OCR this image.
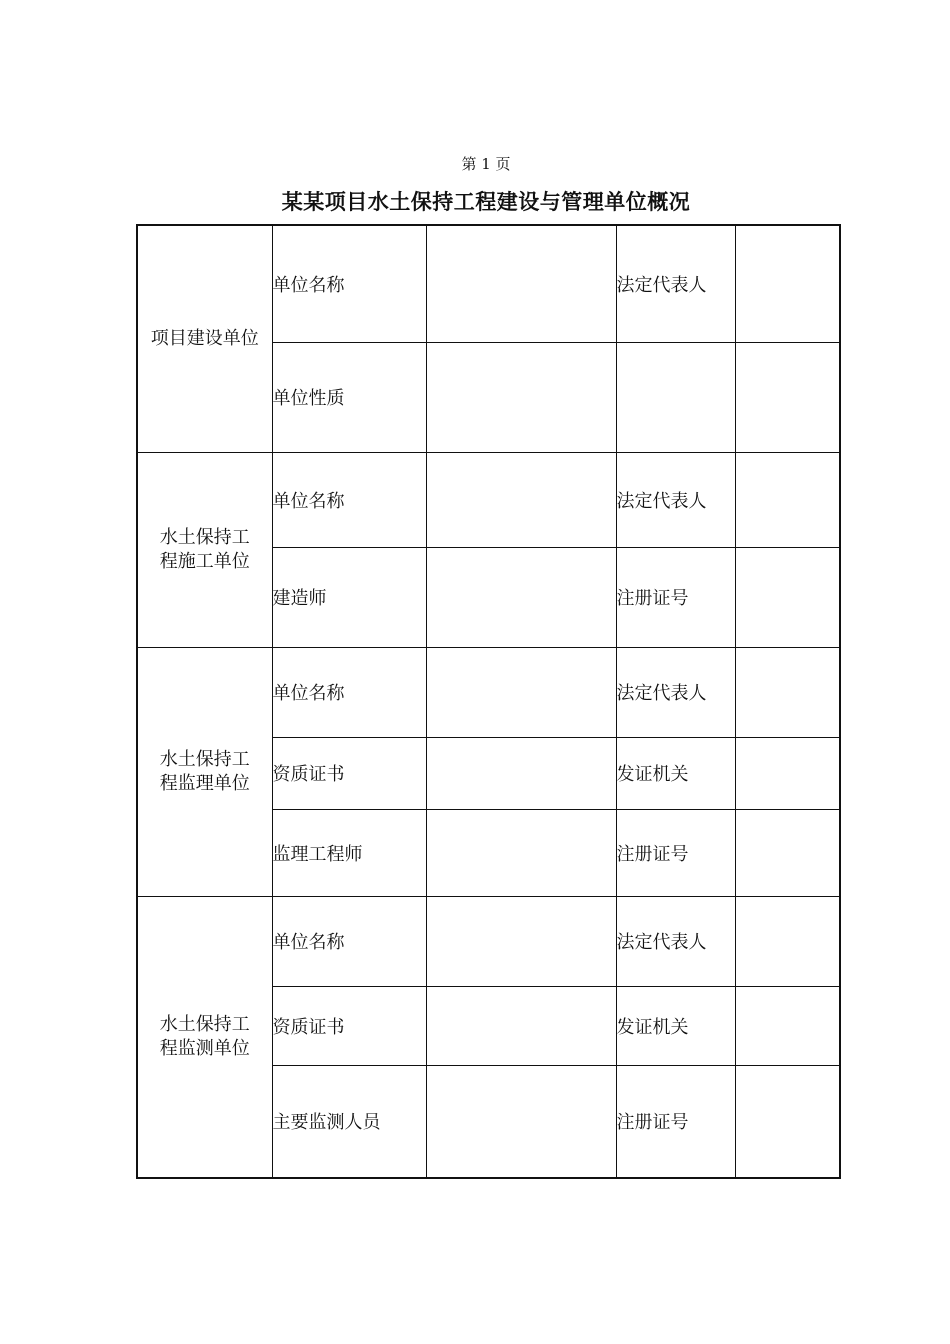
第 1 页
某某项目水土保持工程建设与管理单位概况
项目建设单位	单位名称		法定代表人	
	单位性质			
水土保持工程施工单位	单位名称		法定代表人	
	建造师		注册证号	
水土保持工程监理单位	单位名称		法定代表人	
	资质证书		发证机关	
	监理工程师		注册证号	
水土保持工程监测单位	单位名称		法定代表人	
	资质证书		发证机关	
	主要监测人员		注册证号	
